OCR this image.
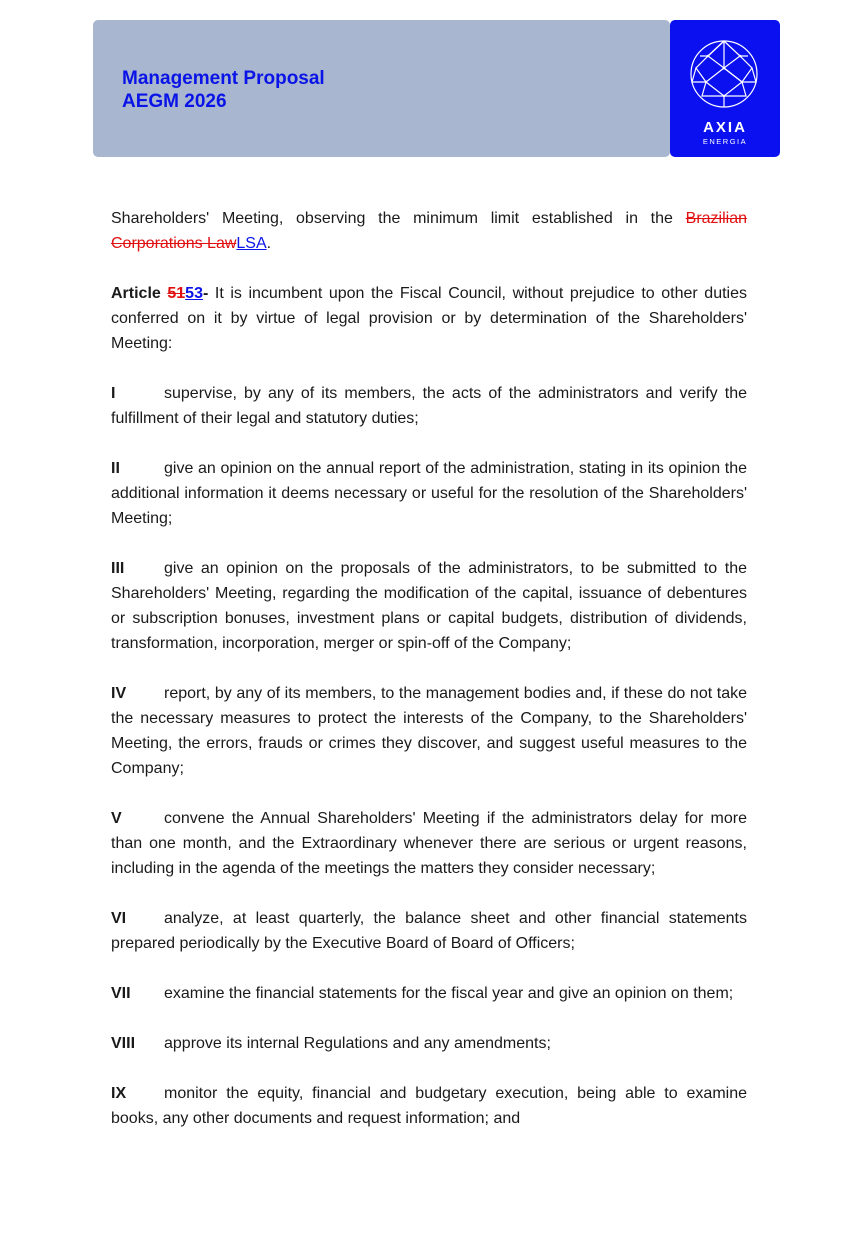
Management Proposal
AEGM 2026
AXIA
ENERGIA

Shareholders' Meeting, observing the minimum limit established in the Brazilian Corporations LawLSA.

Article 5153- It is incumbent upon the Fiscal Council, without prejudice to other duties conferred on it by virtue of legal provision or by determination of the Shareholders' Meeting:

I	supervise, by any of its members, the acts of the administrators and verify the fulfillment of their legal and statutory duties;

II	give an opinion on the annual report of the administration, stating in its opinion the additional information it deems necessary or useful for the resolution of the Shareholders' Meeting;

III give an opinion on the proposals of the administrators, to be submitted to the Shareholders' Meeting, regarding the modification of the capital, issuance of debentures or subscription bonuses, investment plans or capital budgets, distribution of dividends, transformation, incorporation, merger or spin-off of the Company;

IV report, by any of its members, to the management bodies and, if these do not take the necessary measures to protect the interests of the Company, to the Shareholders' Meeting, the errors, frauds or crimes they discover, and suggest useful measures to the Company;

V	convene the Annual Shareholders' Meeting if the administrators delay for more than one month, and the Extraordinary whenever there are serious or urgent reasons, including in the agenda of the meetings the matters they consider necessary;

VI analyze, at least quarterly, the balance sheet and other financial statements prepared periodically by the Executive Board of Board of Officers;

VII examine the financial statements for the fiscal year and give an opinion on them;

VIII approve its internal Regulations and any amendments;

IX monitor the equity, financial and budgetary execution, being able to examine books, any other documents and request information; and
